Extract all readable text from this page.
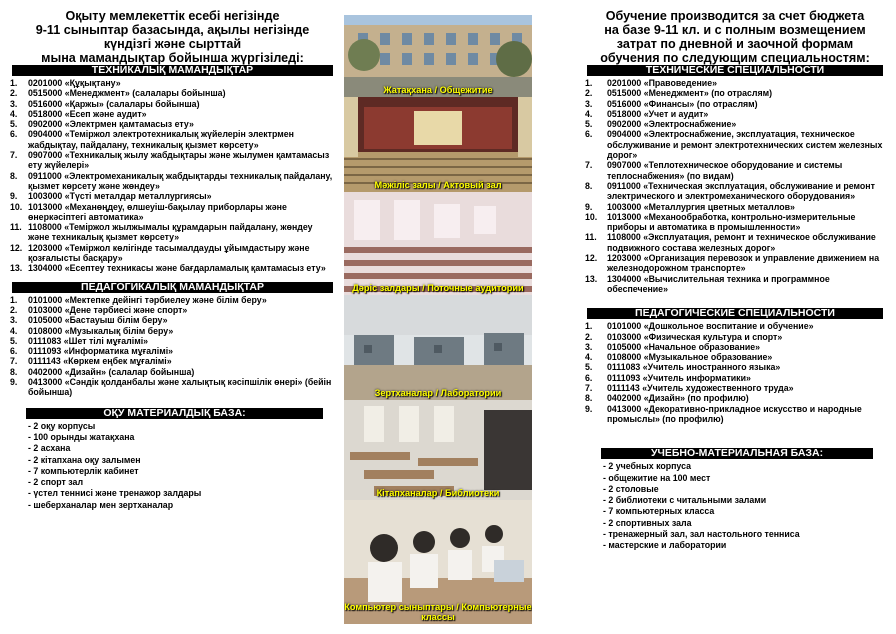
Оқыту мемлекеттік есебі негізінде
9-11 сыныптар базасында, ақылы негізінде
күндізгі және сырттай
мына мамандықтар бойынша жүргізіледі:
ТЕХНИКАЛЫҚ МАМАНДЫҚТАР
1.	0201000 «Құқықтану»
2.	0515000 «Менеджмент» (салалары бойынша)
3.	0516000 «Қаржы» (салалары бойынша)
4.	0518000 «Есеп және аудит»
5.	0902000 «Электрмен қамтамасыз ету»
6.	0904000 «Теміржол электротехникалық жүйелерін электрмен жабдықтау, пайдалану, техникалық қызмет көрсету»
7.	0907000 «Техникалық жылу жабдықтары және жылумен қамтамасыз ету жүйелері»
8.	0911000 «Электромеханикалық жабдықтарды техникалық пайдалану, қызмет көрсету және жөндеу»
9.	1003000 «Түсті металдар металлургиясы»
10. 1013000 «Механөңдеу, өлшеуіш-бақылау приборлары және өнеркәсіптегі автоматика»
11. 1108000 «Теміржол жылжымалы құрамдарын пайдалану, жөндеу және техникалық қызмет көрсету»
12. 1203000 «Теміржол көлігінде тасымалдауды ұйымдастыру және қозғалысты басқару»
13. 1304000 «Есептеу техникасы және бағдарламалық қамтамасыз ету»
ПЕДАГОГИКАЛЫҚ МАМАНДЫҚТАР
1.	0101000 «Мектепке дейінгі тәрбиелеу және білім беру»
2.	0103000 «Дене тәрбиесі және спорт»
3.	0105000 «Бастауыш білім беру»
4.	0108000 «Музыкалық білім беру»
5.	0111083 «Шет тілі мұғалімі»
6.	0111093 «Информатика мұғалімі»
7.	0111143 «Көркем еңбек мұғалімі»
8.	0402000 «Дизайн» (салалар бойынша)
9.	0413000 «Сәндік қолданбалы және халықтық кәсіпшілік өнері» (бейін бойынша)
ОҚУ МАТЕРИАЛДЫҚ БАЗА:
- 2 оқу корпусы
- 100 орынды жатақхана
- 2 асхана
- 2 кітапхана оқу залымен
- 7 компьютерлік кабинет
- 2 спорт зал
- үстел теннисі және тренажор залдары
- шеберханалар мен зертханалар
Жатақхана / Общежитие
Мәжіліс залы / Актовый зал
Дәріс залдары / Поточные аудитории
Зертханалар / Лаборатории
Кітапханалар / Библиотеки
Компьютер сыныптары / Компьютерные классы
Обучение производится за счет бюджета
на базе 9-11 кл. и с полным возмещением
затрат по дневной и заочной формам
обучения по следующим специальностям:
ТЕХНИЧЕСКИЕ СПЕЦИАЛЬНОСТИ
1.	0201000 «Правоведение»
2.	0515000 «Менеджмент» (по отраслям)
3.	0516000 «Финансы» (по отраслям)
4.	0518000 «Учет и аудит»
5.	0902000 «Электроснабжение»
6.	0904000 «Электроснабжение, эксплуатация, техническое обслуживание и ремонт электротехнических систем железных дорог»
7.	0907000 «Теплотехническое оборудование и системы теплоснабжения» (по видам)
8.	0911000 «Техническая эксплуатация, обслуживание и ремонт электрического и электромеханического оборудования»
9.	1003000 «Металлургия цветных металлов»
10.	1013000 «Механообработка, контрольно-измерительные приборы и автоматика в промышленности»
11.	1108000 «Эксплуатация, ремонт и техническое обслуживание подвижного состава железных дорог»
12.	1203000 «Организация перевозок и управление движением на железнодорожном транспорте»
13.	1304000 «Вычислительная техника и программное обеспечение»
ПЕДАГОГИЧЕСКИЕ СПЕЦИАЛЬНОСТИ
1.	0101000 «Дошкольное воспитание и обучение»
2.	0103000 «Физическая культура и спорт»
3.	0105000 «Начальное образование»
4.	0108000 «Музыкальное образование»
5.	0111083 «Учитель иностранного языка»
6.	0111093 «Учитель информатики»
7.	0111143 «Учитель художественного труда»
8.	0402000 «Дизайн» (по профилю)
9.	0413000 «Декоративно-прикладное искусство и народные промыслы» (по профилю)
УЧЕБНО-МАТЕРИАЛЬНАЯ БАЗА:
- 2 учебных корпуса
- общежитие на 100 мест
- 2 столовые
- 2 библиотеки с читальными залами
- 7 компьютерных класса
- 2 спортивных зала
- тренажерный зал, зал настольного тенниса
- мастерские и лаборатории
